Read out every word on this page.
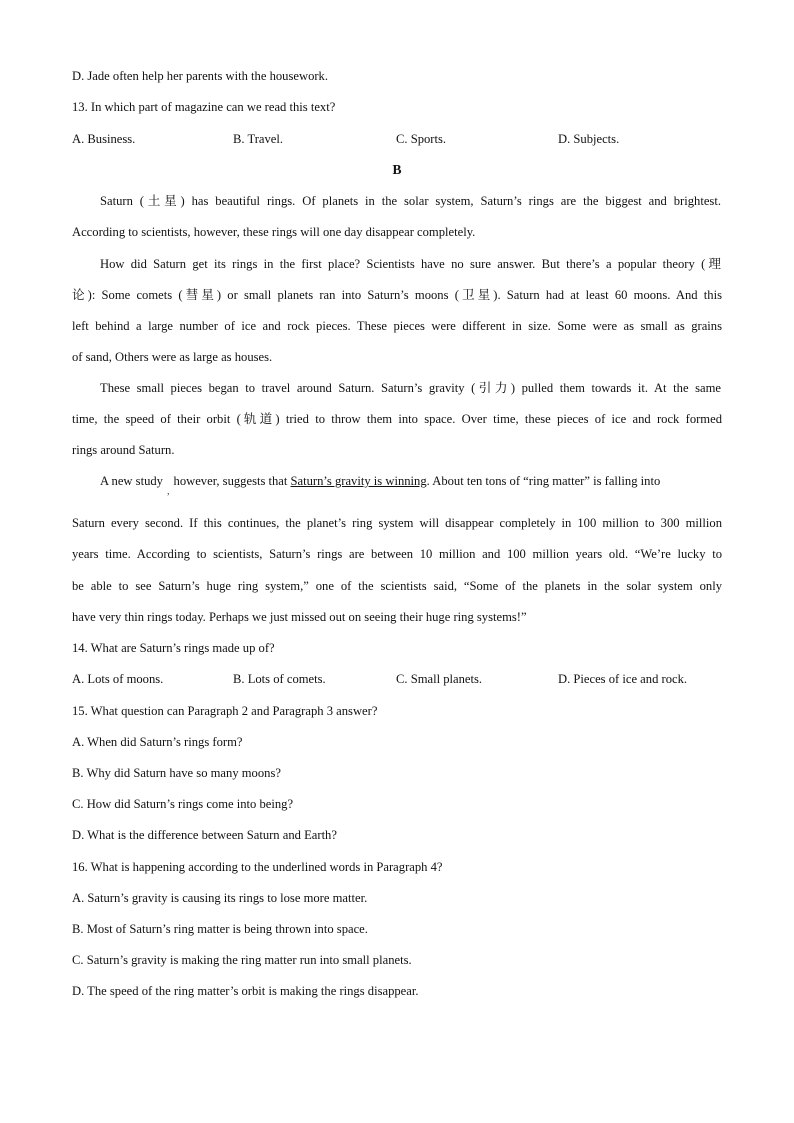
D. Jade often help her parents with the housework.
13. In which part of magazine can we read this text?
A. Business.	B. Travel.	C. Sports.	D. Subjects.
B
Saturn (土星) has beautiful rings. Of planets in the solar system, Saturn’s rings are the biggest and brightest.
According to scientists, however, these rings will one day disappear completely.
How did Saturn get its rings in the first place? Scientists have no sure answer. But there’s a popular theory (理
论): Some comets (彗星) or small planets ran into Saturn’s moons (卫星). Saturn had at least 60 moons. And this
left behind a large number of ice and rock pieces. These pieces were different in size. Some were as small as grains
of sand, Others were as large as houses.
These small pieces began to travel around Saturn. Saturn’s gravity (引力) pulled them towards it. At the same
time, the speed of their orbit (轨道) tried to throw them into space. Over time, these pieces of ice and rock formed
rings around Saturn.
A new study $_,$ however, suggests that Saturn’s gravity is winning. About ten tons of “ring matter” is falling into
Saturn every second. If this continues, the planet’s ring system will disappear completely in 100 million to 300 million
years time. According to scientists, Saturn’s rings are between 10 million and 100 million years old. “We’re lucky to
be able to see Saturn’s huge ring system,” one of the scientists said, “Some of the planets in the solar system only
have very thin rings today. Perhaps we just missed out on seeing their huge ring systems!”
14. What are Saturn’s rings made up of?
A. Lots of moons.	B. Lots of comets.	C. Small planets.	D. Pieces of ice and rock.
15. What question can Paragraph 2 and Paragraph 3 answer?
A. When did Saturn’s rings form?
B. Why did Saturn have so many moons?
C. How did Saturn’s rings come into being?
D. What is the difference between Saturn and Earth?
16. What is happening according to the underlined words in Paragraph 4?
A. Saturn’s gravity is causing its rings to lose more matter.
B. Most of Saturn’s ring matter is being thrown into space.
C. Saturn’s gravity is making the ring matter run into small planets.
D. The speed of the ring matter’s orbit is making the rings disappear.
